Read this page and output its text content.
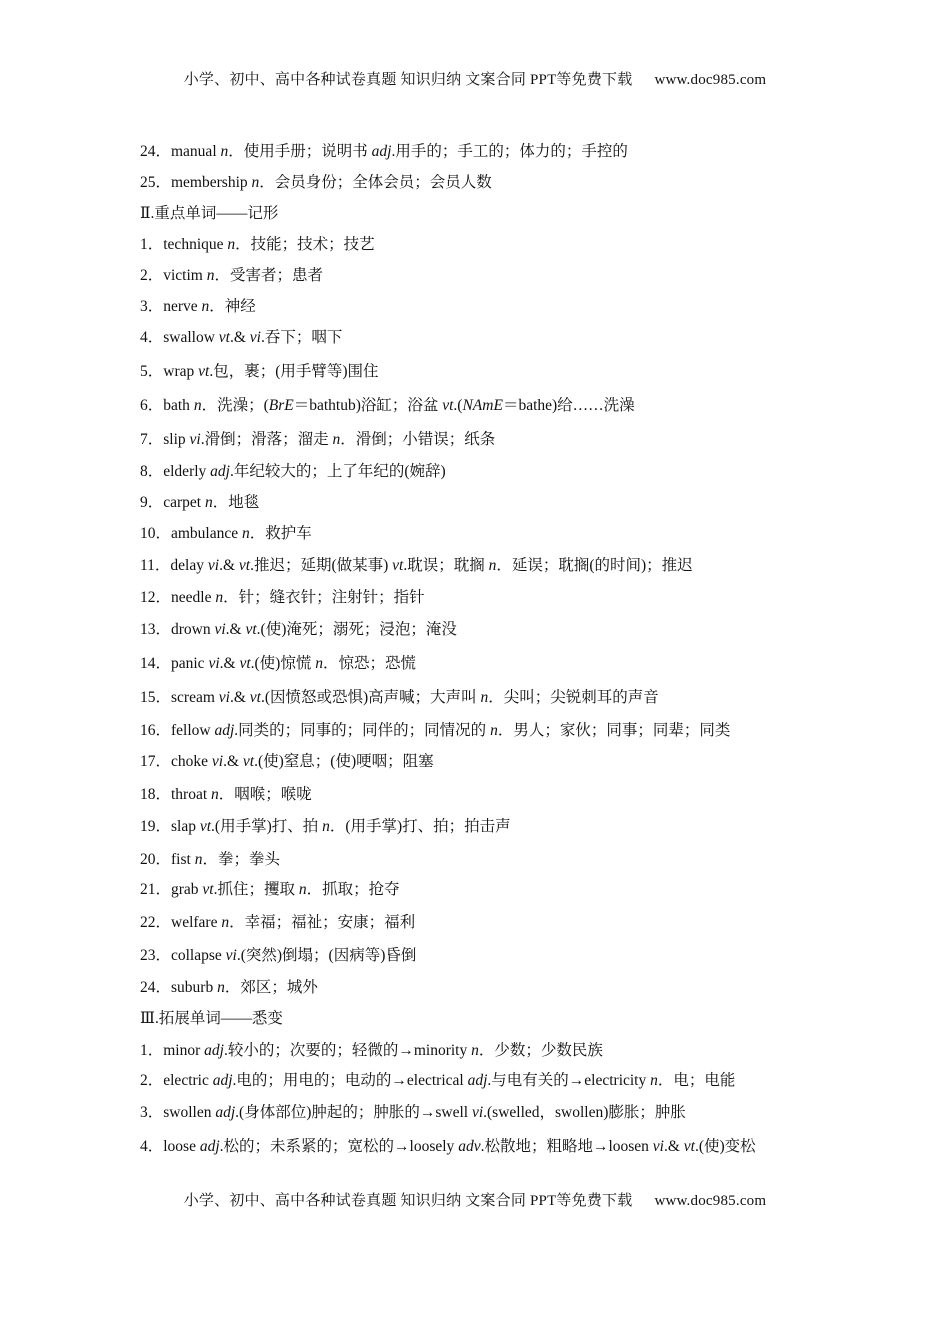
小学、初中、高中各种试卷真题 知识归纳 文案合同 PPT等免费下载 www.doc985.com
24．manual n．使用手册；说明书 adj.用手的；手工的；体力的；手控的
25．membership n．会员身份；全体会员；会员人数
Ⅱ.重点单词——记形
1．technique n．技能；技术；技艺
2．victim n．受害者；患者
3．nerve n．神经
4．swallow vt.& vi.吞下；咽下
5．wrap vt.包，裹；(用手臂等)围住
6．bath n．洗澡；(BrE＝bathtub)浴缸；浴盆 vt.(NAmE＝bathe)给……洗澡
7．slip vi.滑倒；滑落；溜走 n．滑倒；小错误；纸条
8．elderly adj.年纪较大的；上了年纪的(婉辞)
9．carpet n．地毯
10．ambulance n．救护车
11．delay vi.& vt.推迟；延期(做某事) vt.耽误；耽搁 n．延误；耽搁(的时间)；推迟
12．needle n．针；缝衣针；注射针；指针
13．drown vi.& vt.(使)淹死；溺死；浸泡；淹没
14．panic vi.& vt.(使)惊慌 n．惊恐；恐慌
15．scream vi.& vt.(因愤怒或恐惧)高声喊；大声叫 n．尖叫；尖锐刺耳的声音
16．fellow adj.同类的；同事的；同伴的；同情况的 n．男人；家伙；同事；同辈；同类
17．choke vi.& vt.(使)窒息；(使)哽咽；阻塞
18．throat n．咽喉；喉咙
19．slap vt.(用手掌)打、拍 n．(用手掌)打、拍；拍击声
20．fist n．拳；拳头
21．grab vt.抓住；攫取 n．抓取；抢夺
22．welfare n．幸福；福祉；安康；福利
23．collapse vi.(突然)倒塌；(因病等)昏倒
24．suburb n．郊区；城外
Ⅲ.拓展单词——悉变
1．minor adj.较小的；次要的；轻微的→minority n．少数；少数民族
2．electric adj.电的；用电的；电动的→electrical adj.与电有关的→electricity n．电；电能
3．swollen adj.(身体部位)肿起的；肿胀的→swell vi.(swelled，swollen)膨胀；肿胀
4．loose adj.松的；未系紧的；宽松的→loosely adv.松散地；粗略地→loosen vi.& vt.(使)变松
小学、初中、高中各种试卷真题 知识归纳 文案合同 PPT等免费下载 www.doc985.com
